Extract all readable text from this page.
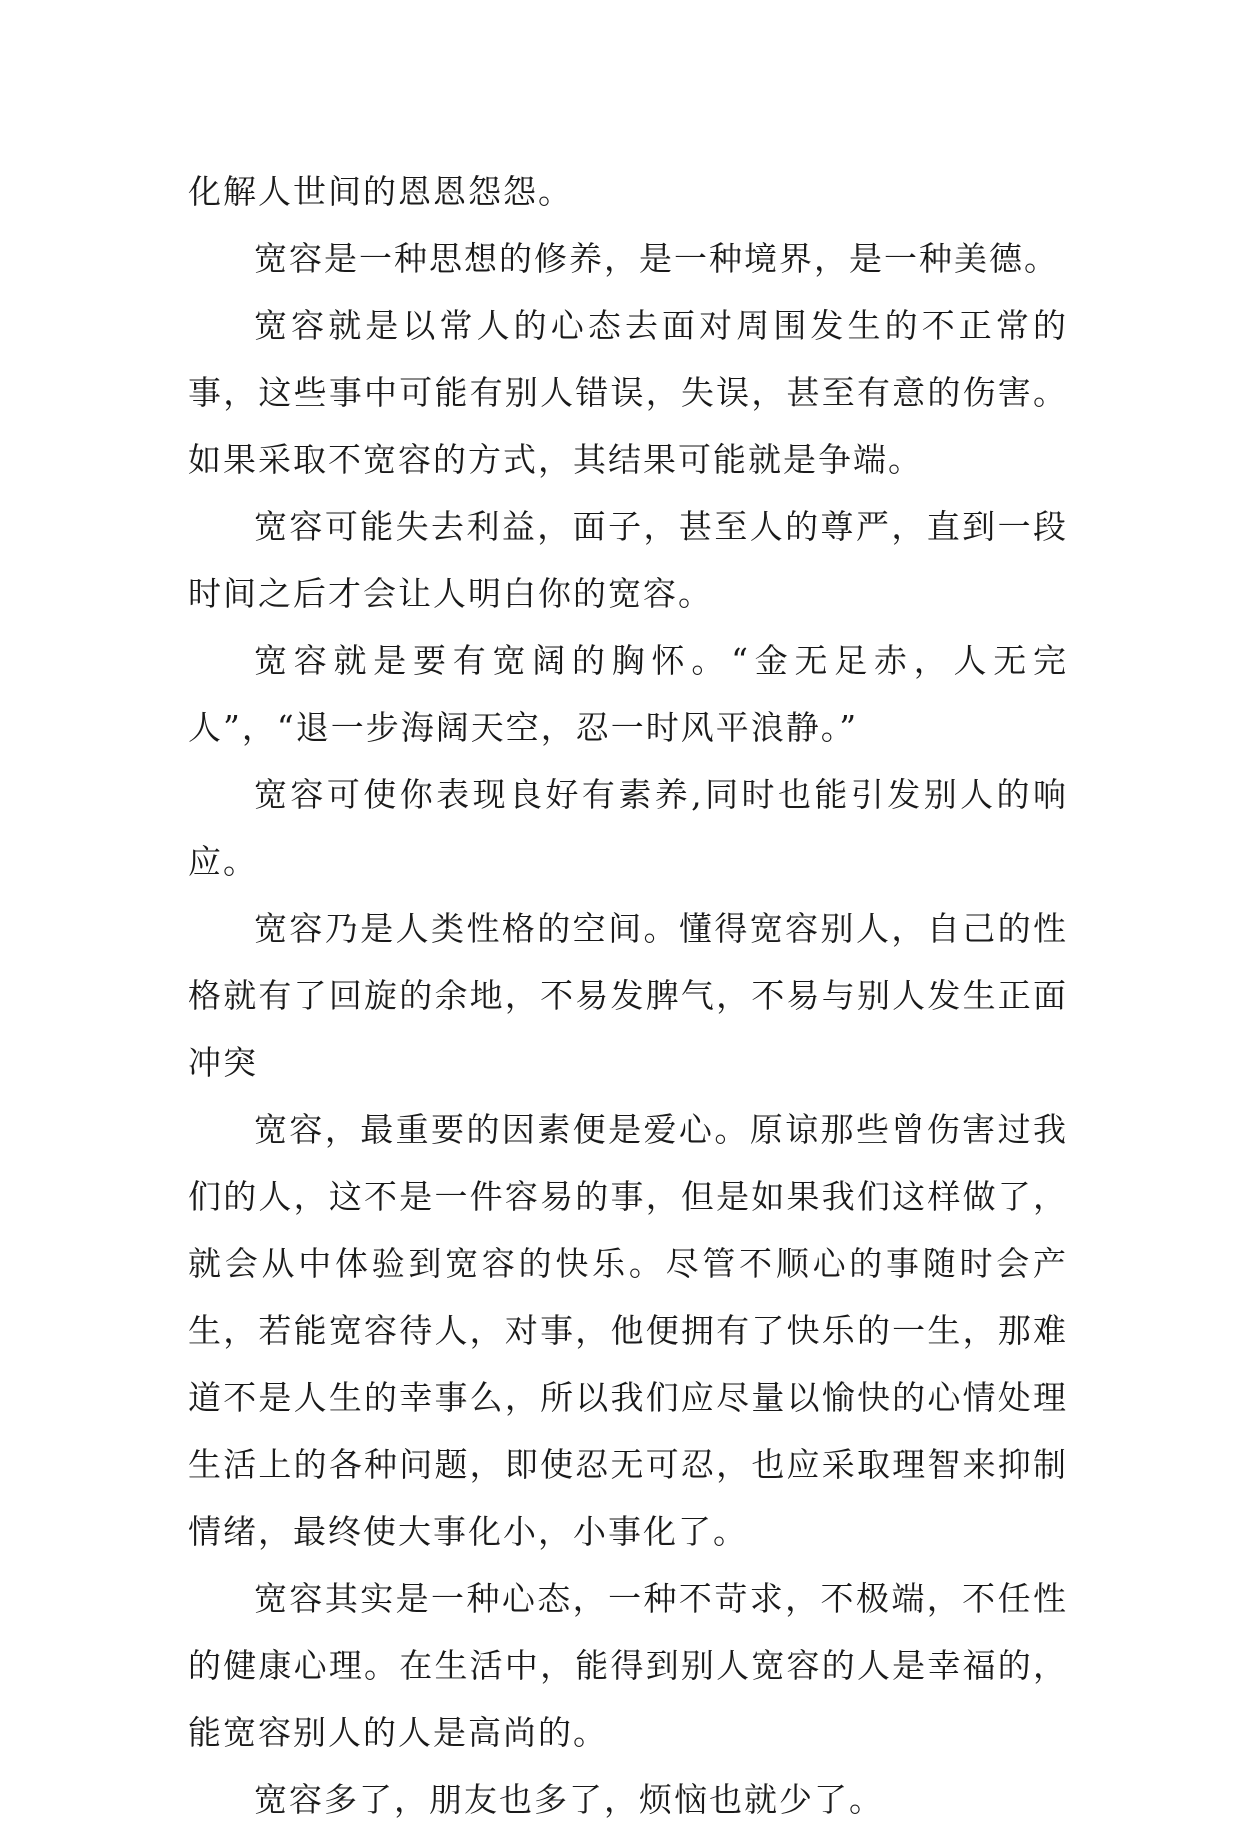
化解人世间的恩恩怨怨。

宽容是一种思想的修养，是一种境界，是一种美德。

宽容就是以常人的心态去面对周围发生的不正常的事，这些事中可能有别人错误，失误，甚至有意的伤害。如果采取不宽容的方式，其结果可能就是争端。

宽容可能失去利益，面子，甚至人的尊严，直到一段时间之后才会让人明白你的宽容。

宽容就是要有宽阔的胸怀。“金无足赤，人无完人”，“退一步海阔天空，忍一时风平浪静。”

宽容可使你表现良好有素养,同时也能引发别人的响应。

宽容乃是人类性格的空间。懂得宽容别人，自己的性格就有了回旋的余地，不易发脾气，不易与别人发生正面冲突

宽容，最重要的因素便是爱心。原谅那些曾伤害过我们的人，这不是一件容易的事，但是如果我们这样做了，就会从中体验到宽容的快乐。尽管不顺心的事随时会产生，若能宽容待人，对事，他便拥有了快乐的一生，那难道不是人生的幸事么，所以我们应尽量以愉快的心情处理生活上的各种问题，即使忍无可忍，也应采取理智来抑制情绪，最终使大事化小，小事化了。

宽容其实是一种心态，一种不苛求，不极端，不任性的健康心理。在生活中，能得到别人宽容的人是幸福的，能宽容别人的人是高尚的。

宽容多了，朋友也多了，烦恼也就少了。
